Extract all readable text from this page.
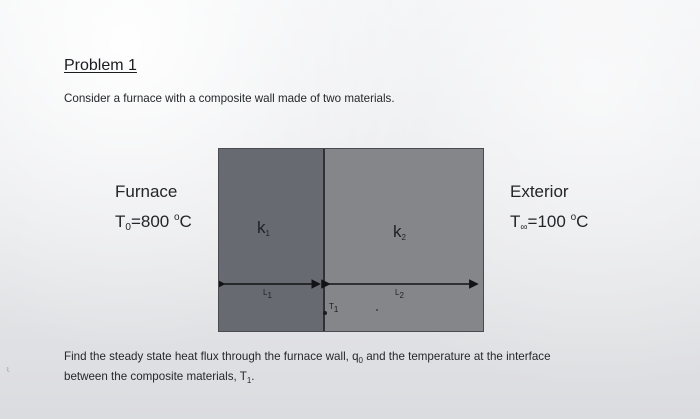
Problem 1
Consider a furnace with a composite wall made of two materials.
Furnace
T0=800 $^o$C
Exterior
T∞=100 $^o$C
k1	k2
L1	L2
T1
Find the steady state heat flux through the furnace wall, $q_0$ and the temperature at the interface
between the composite materials, $T_1$.
ℓ
